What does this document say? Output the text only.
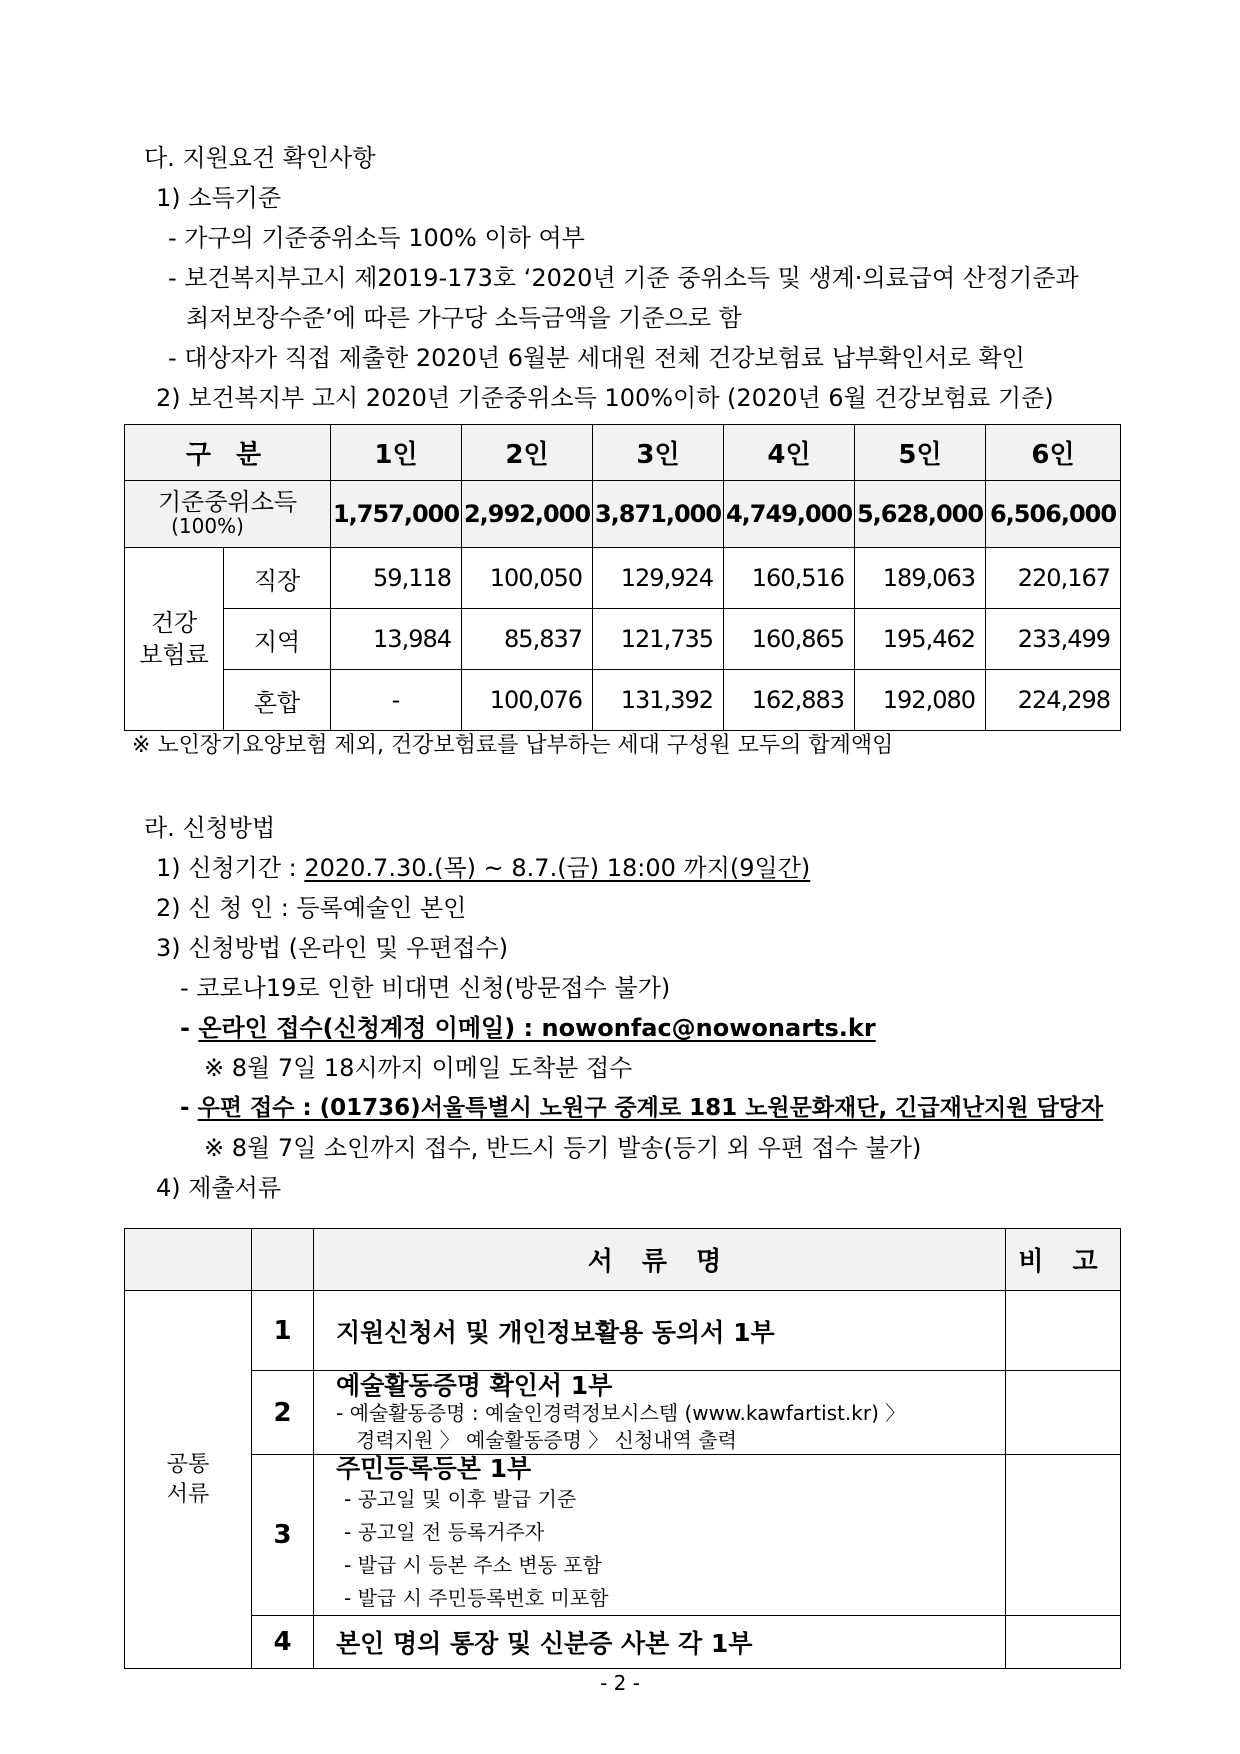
다. 지원요건 확인사항
1) 소득기준
- 가구의 기준중위소득 100% 이하 여부
- 보건복지부고시 제2019-173호 ‘2020년 기준 중위소득 및 생계·의료급여 산정기준과
최저보장수준’에 따른 가구당 소득금액을 기준으로 함
- 대상자가 직접 제출한 2020년 6월분 세대원 전체 건강보험료 납부확인서로 확인
2) 보건복지부 고시 2020년 기준중위소득 100%이하 (2020년 6월 건강보험료 기준)
구 분		1인	2인	3인	4인	5인	6인

기준중위소득
(100%)		1,757,000	2,992,000	3,871,000	4,749,000	5,628,000	6,506,000

건강
보험료	직장	59,118	100,050	129,924	160,516	189,063	220,167
	지역	13,984	85,837	121,735	160,865	195,462	233,499
	혼합	-	100,076	131,392	162,883	192,080	224,298
※ 노인장기요양보험 제외, 건강보험료를 납부하는 세대 구성원 모두의 합계액임
라. 신청방법
1) 신청기간 : 2020.7.30.(목) ~ 8.7.(금) 18:00 까지(9일간)
2) 신 청 인 : 등록예술인 본인
3) 신청방법 (온라인 및 우편접수)
- 코로나19로 인한 비대면 신청(방문접수 불가)
- 온라인 접수(신청계정 이메일) : nowonfac@nowonarts.kr
※ 8월 7일 18시까지 이메일 도착분 접수
- 우편 접수 : (01736)서울특별시 노원구 중계로 181 노원문화재단, 긴급재난지원 담당자
※ 8월 7일 소인까지 접수, 반드시 등기 발송(등기 외 우편 접수 불가)
4) 제출서류
		서 류 명	비 고

공통
서류	1	지원신청서 및 개인정보활용 동의서 1부	
	2	예술활동증명 확인서 1부
- 예술활동증명 : 예술인경력정보시스템 (www.kawfartist.kr) 〉
경력지원 〉 예술활동증명 〉 신청내역 출력	

	3	주민등록등본 1부
- 공고일 및 이후 발급 기준
- 공고일 전 등록거주자
- 발급 시 등본 주소 변동 포함
- 발급 시 주민등록번호 미포함	

	4	본인 명의 통장 및 신분증 사본 각 1부	
- 2 -
